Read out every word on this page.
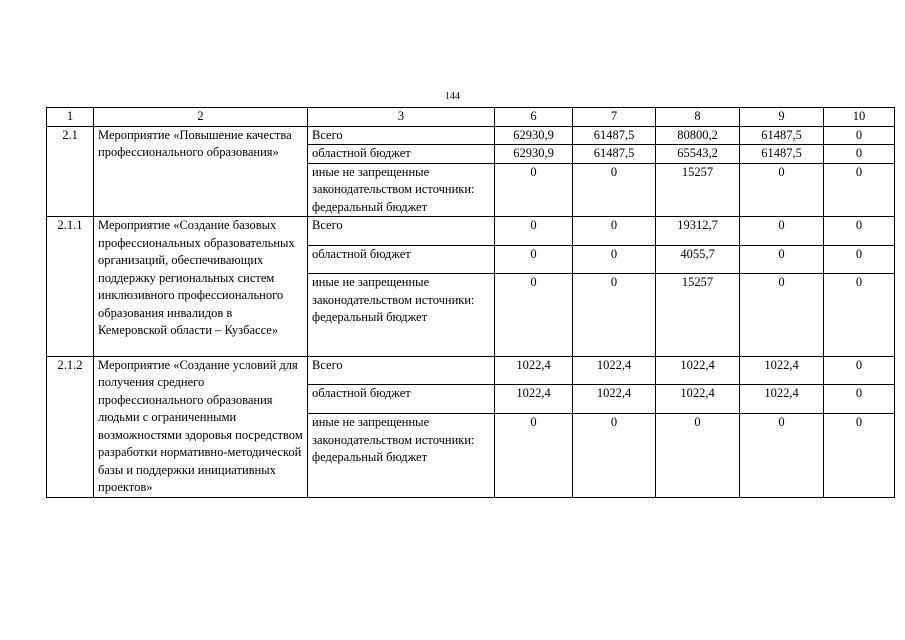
144
1	2	3	6	7	8	9	10
2.1	Мероприятие «Повышение качества профессионального образования»	Всего	62930,9	61487,5	80800,2	61487,5	0
		областной бюджет	62930,9	61487,5	65543,2	61487,5	0
		иные не запрещенные законодательством источники: федеральный бюджет	0	0	15257	0	0
2.1.1	Мероприятие «Создание базовых профессиональных образовательных организаций, обеспечивающих поддержку региональных систем инклюзивного профессионального образования инвалидов в Кемеровской области – Кузбассе»	Всего	0	0	19312,7	0	0
		областной бюджет	0	0	4055,7	0	0
		иные не запрещенные законодательством источники: федеральный бюджет	0	0	15257	0	0
2.1.2	Мероприятие «Создание условий для получения среднего профессионального образования людьми с ограниченными возможностями здоровья посредством разработки нормативно-методической базы и поддержки инициативных проектов»	Всего	1022,4	1022,4	1022,4	1022,4	0
		областной бюджет	1022,4	1022,4	1022,4	1022,4	0
		иные не запрещенные законодательством источники: федеральный бюджет	0	0	0	0	0
